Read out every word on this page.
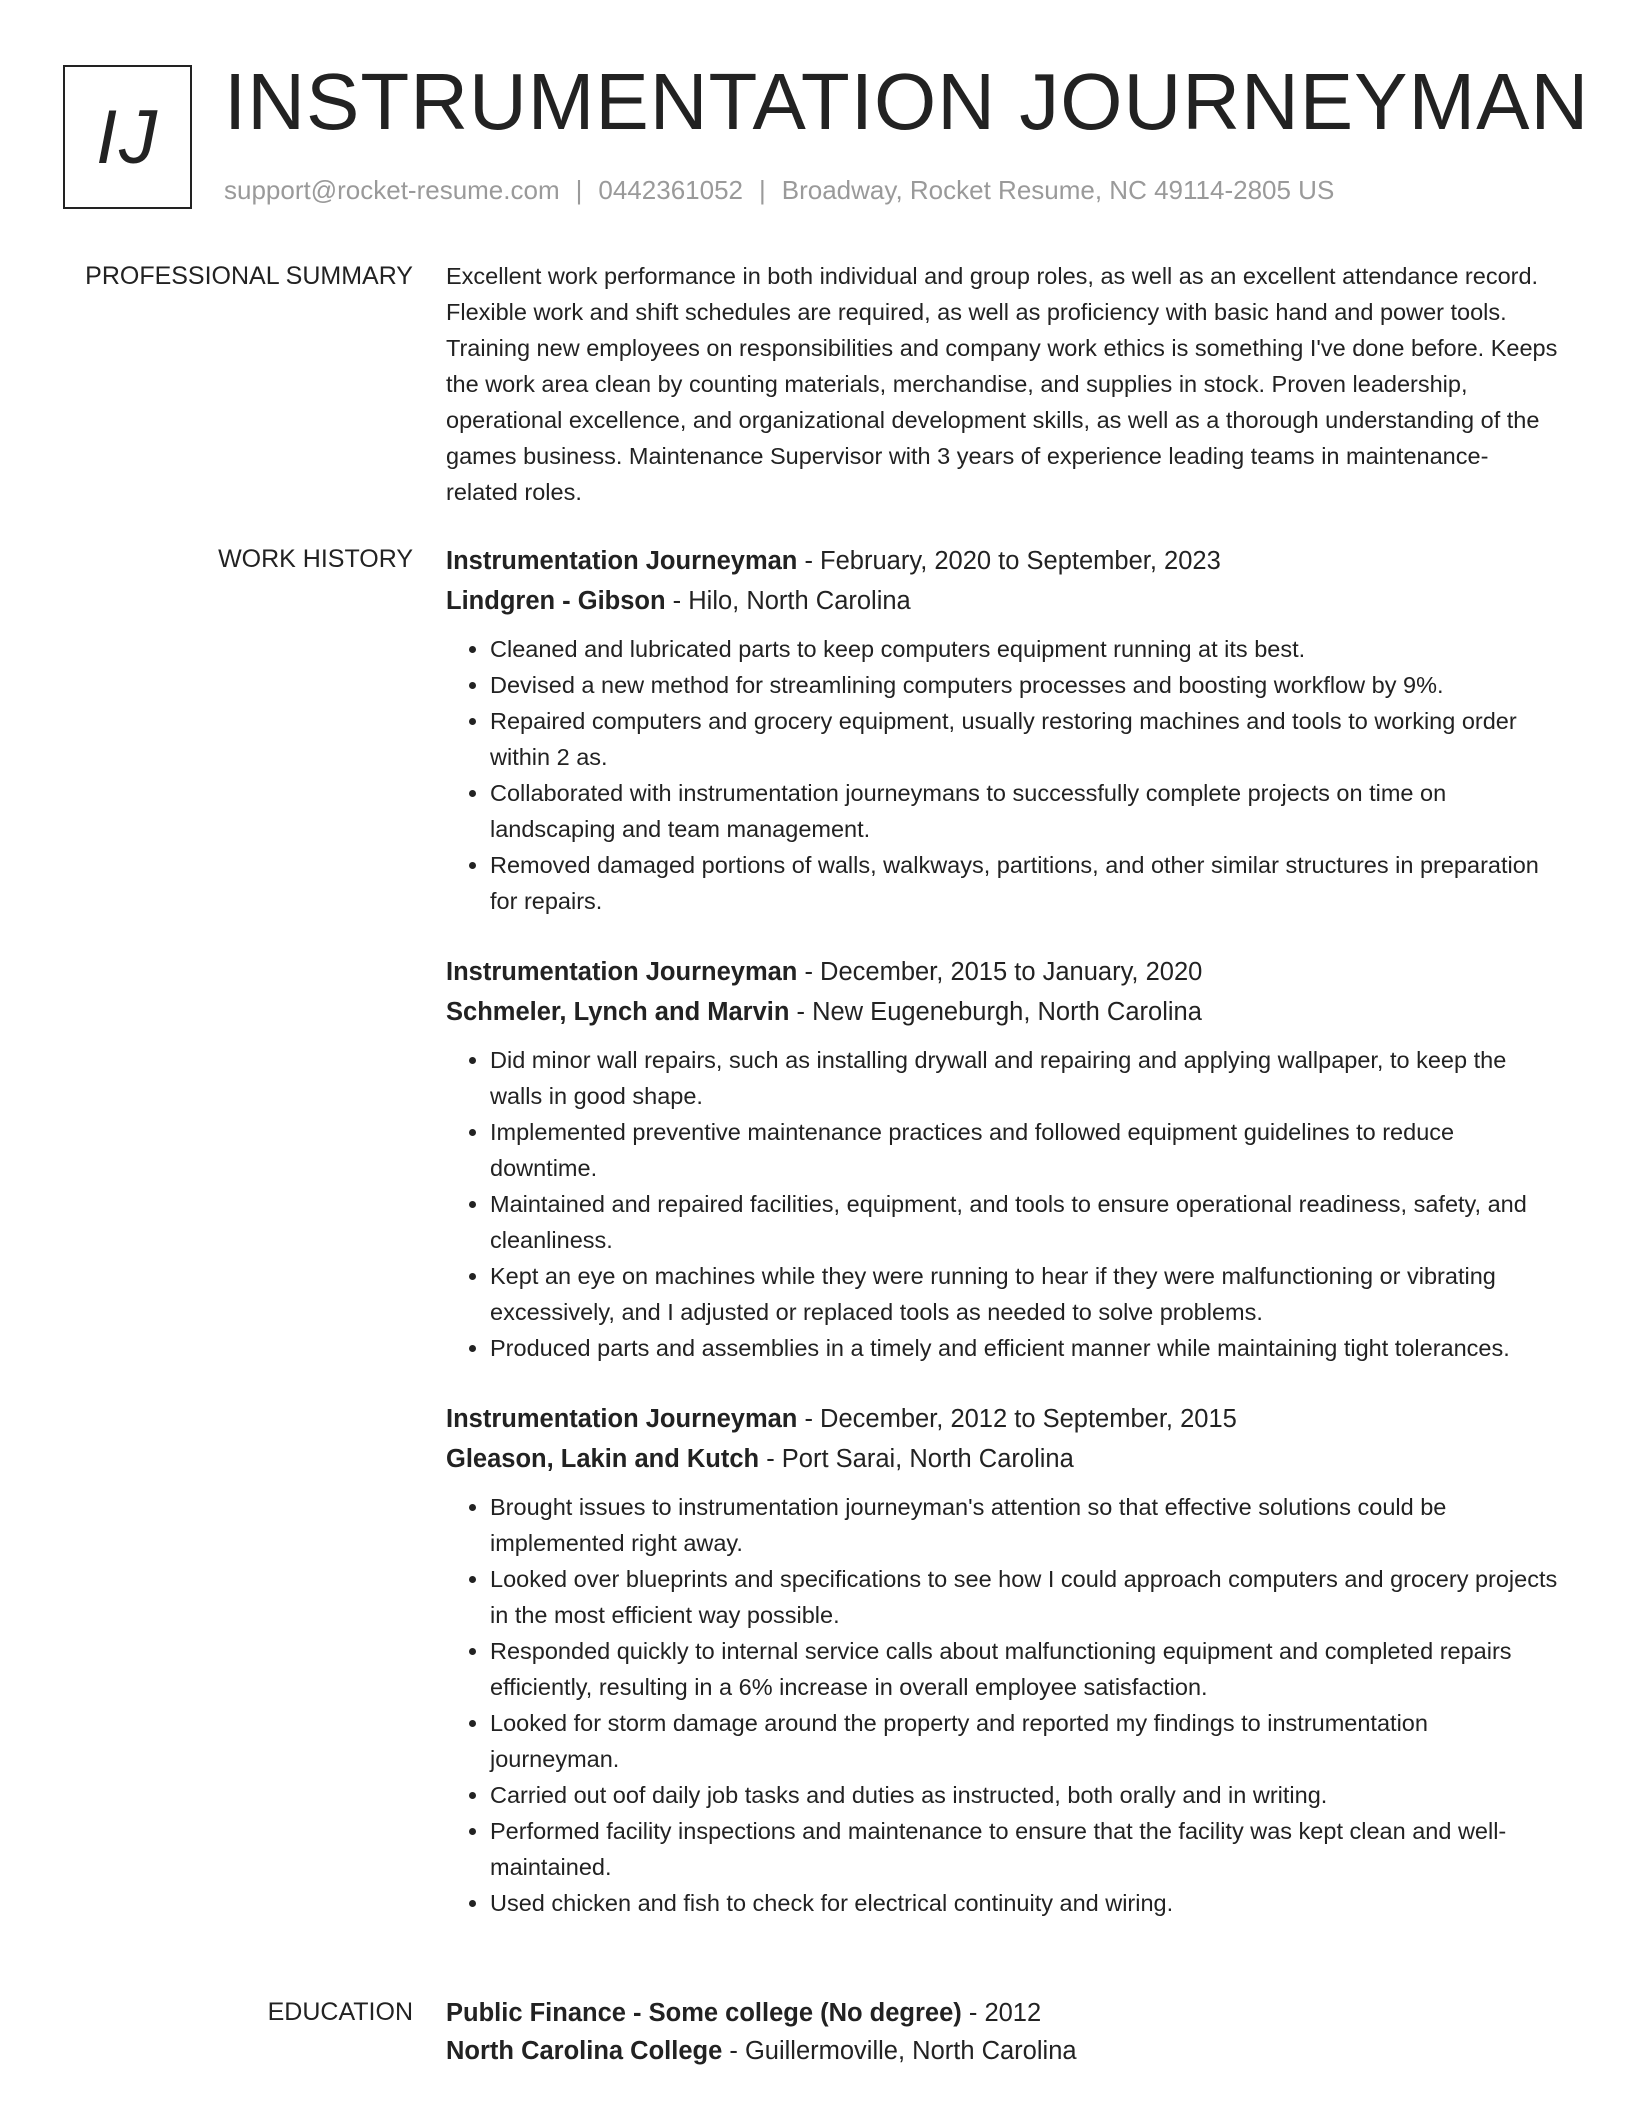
IJ INSTRUMENTATION JOURNEYMAN
support@rocket-resume.com | 0442361052 | Broadway, Rocket Resume, NC 49114-2805 US
PROFESSIONAL SUMMARY Excellent work performance in both individual and group roles, as well as an excellent attendance record. Flexible work and shift schedules are required, as well as proficiency with basic hand and power tools. Training new employees on responsibilities and company work ethics is something I've done before. Keeps the work area clean by counting materials, merchandise, and supplies in stock. Proven leadership, operational excellence, and organizational development skills, as well as a thorough understanding of the games business. Maintenance Supervisor with 3 years of experience leading teams in maintenance-related roles.

WORK HISTORY Instrumentation Journeyman - February, 2020 to September, 2023

Lindgren - Gibson - Hilo, North Carolina

• Cleaned and lubricated parts to keep computers equipment running at its best.
• Devised a new method for streamlining computers processes and boosting workflow by 9%.
• Repaired computers and grocery equipment, usually restoring machines and tools to working order within 2 as.
• Collaborated with instrumentation journeymans to successfully complete projects on time on landscaping and team management.
• Removed damaged portions of walls, walkways, partitions, and other similar structures in preparation for repairs.

Instrumentation Journeyman - December, 2015 to January, 2020

Schmeler, Lynch and Marvin - New Eugeneburgh, North Carolina

• Did minor wall repairs, such as installing drywall and repairing and applying wallpaper, to keep the walls in good shape.
• Implemented preventive maintenance practices and followed equipment guidelines to reduce downtime.
• Maintained and repaired facilities, equipment, and tools to ensure operational readiness, safety, and cleanliness.
• Kept an eye on machines while they were running to hear if they were malfunctioning or vibrating excessively, and I adjusted or replaced tools as needed to solve problems.
• Produced parts and assemblies in a timely and efficient manner while maintaining tight tolerances.

Instrumentation Journeyman - December, 2012 to September, 2015

Gleason, Lakin and Kutch - Port Sarai, North Carolina

• Brought issues to instrumentation journeyman's attention so that effective solutions could be implemented right away.
• Looked over blueprints and specifications to see how I could approach computers and grocery projects in the most efficient way possible.
• Responded quickly to internal service calls about malfunctioning equipment and completed repairs efficiently, resulting in a 6% increase in overall employee satisfaction.
• Looked for storm damage around the property and reported my findings to instrumentation journeyman.
• Carried out oof daily job tasks and duties as instructed, both orally and in writing.
• Performed facility inspections and maintenance to ensure that the facility was kept clean and well-maintained.
• Used chicken and fish to check for electrical continuity and wiring.
EDUCATION Public Finance - Some college (No degree) - 2012

North Carolina College - Guillermoville, North Carolina
